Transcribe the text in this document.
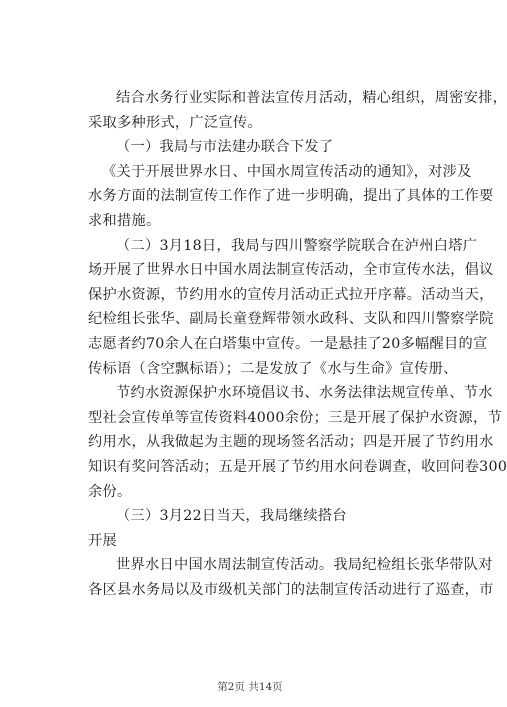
结合水务行业实际和普法宣传月活动，精心组织，周密安排，
采取多种形式，广泛宣传。
（一）我局与市法建办联合下发了
《关于开展世界水日、中国水周宣传活动的通知》，对涉及
水务方面的法制宣传工作作了进一步明确，提出了具体的工作要
求和措施。
（二）3月18日，我局与四川警察学院联合在泸州白塔广
场开展了世界水日中国水周法制宣传活动，全市宣传水法，倡议
保护水资源，节约用水的宣传月活动正式拉开序幕。活动当天，
纪检组长张华、副局长童登辉带领水政科、支队和四川警察学院
志愿者约70余人在白塔集中宣传。一是悬挂了20多幅醒目的宣
传标语（含空飘标语）；二是发放了《水与生命》宣传册、
节约水资源保护水环境倡议书、水务法律法规宣传单、节水
型社会宣传单等宣传资料4000余份；三是开展了保护水资源，节
约用水，从我做起为主题的现场签名活动；四是开展了节约用水
知识有奖问答活动；五是开展了节约用水问卷调查，收回问卷300
余份。
（三）3月22日当天，我局继续搭台
开展
世界水日中国水周法制宣传活动。我局纪检组长张华带队对
各区县水务局以及市级机关部门的法制宣传活动进行了巡查，市
第2页 共14页
